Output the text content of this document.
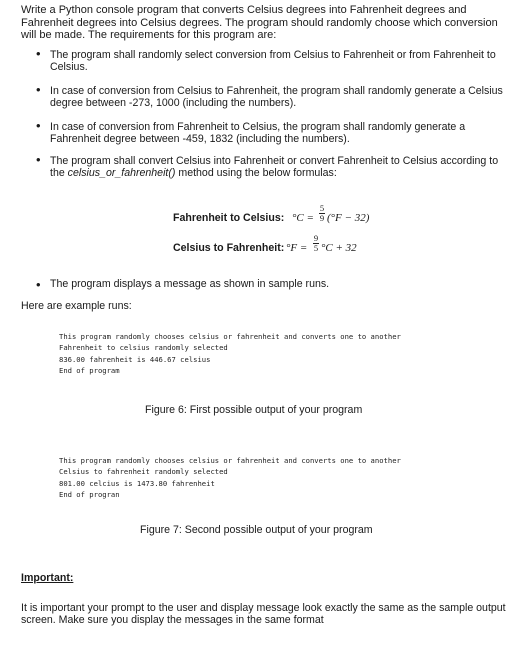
Write a Python console program that converts Celsius degrees into Fahrenheit degrees and Fahrenheit degrees into Celsius degrees. The program should randomly choose which conversion will be made. The requirements for this program are:
• The program shall randomly select conversion from Celsius to Fahrenheit or from Fahrenheit to Celsius.
• In case of conversion from Celsius to Fahrenheit, the program shall randomly generate a Celsius degree between -273, 1000 (including the numbers).
• In case of conversion from Fahrenheit to Celsius, the program shall randomly generate a Fahrenheit degree between -459, 1832 (including the numbers).
• The program shall convert Celsius into Fahrenheit or convert Fahrenheit to Celsius according to the celsius_or_fahrenheit() method using the below formulas:
Fahrenheit to Celsius: °C =
5
9 (°F − 32)
Celsius to Fahrenheit: °F =
9
5 °C + 32
• The program displays a message as shown in sample runs.
Here are example runs:
This program randomly chooses celsius or fahrenheit and converts one to another
Fahrenheit to celsius randomly selected
836.00 fahrenheit is 446.67 celsius
End of program
Figure 6: First possible output of your program
This program randomly chooses celsius or fahrenheit and converts one to another
Celsius to fahrenheit randomly selected
801.00 celcius is 1473.80 fahrenheit
End of progran
Figure 7: Second possible output of your program
Important:
It is important your prompt to the user and display message look exactly the same as the sample output screen. Make sure you display the messages in the same format
